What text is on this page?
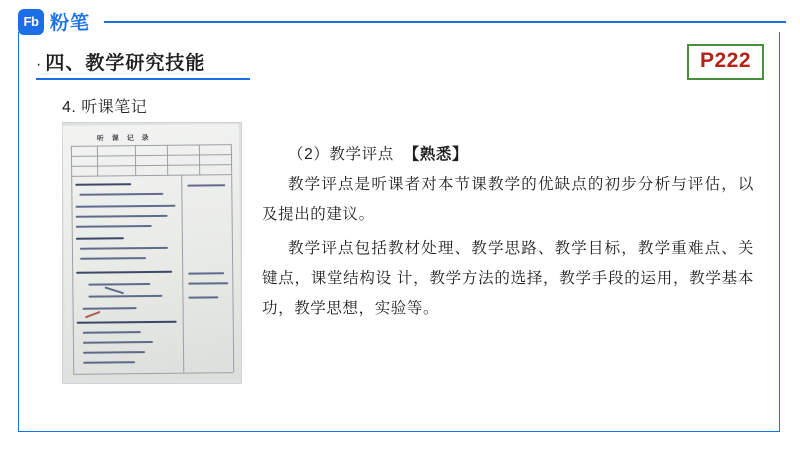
Fb 粉笔
· 四、教学研究技能	P222
4. 听课笔记
听 课 记 录

（2）教学评点 【熟悉】

教学评点是听课者对本节课教学的优缺点的初步分析与评估，以及提出的建议。

教学评点包括教材处理、教学思路、教学目标，教学重难点、关键点，课堂结构设 计，教学方法的选择，教学手段的运用，教学基本功，教学思想，实验等。
